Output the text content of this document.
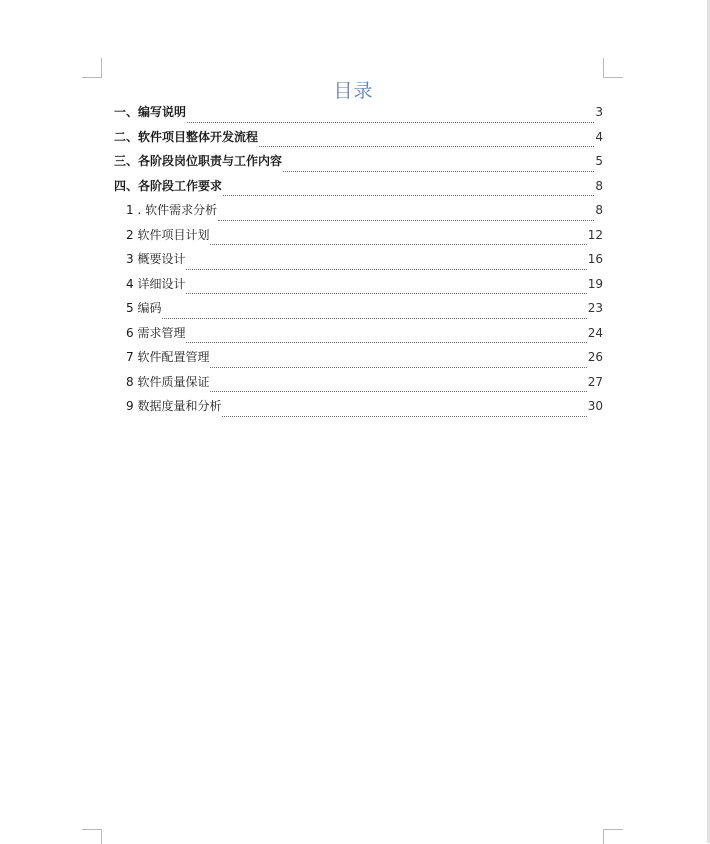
目录
一、编写说明	3
二、软件项目整体开发流程	4
三、各阶段岗位职责与工作内容	5
四、各阶段工作要求	8
1 . 软件需求分析	8
2 软件项目计划	12
3 概要设计	16
4 详细设计	19
5 编码	23
6 需求管理	24
7 软件配置管理	26
8 软件质量保证	27
9 数据度量和分析	30
